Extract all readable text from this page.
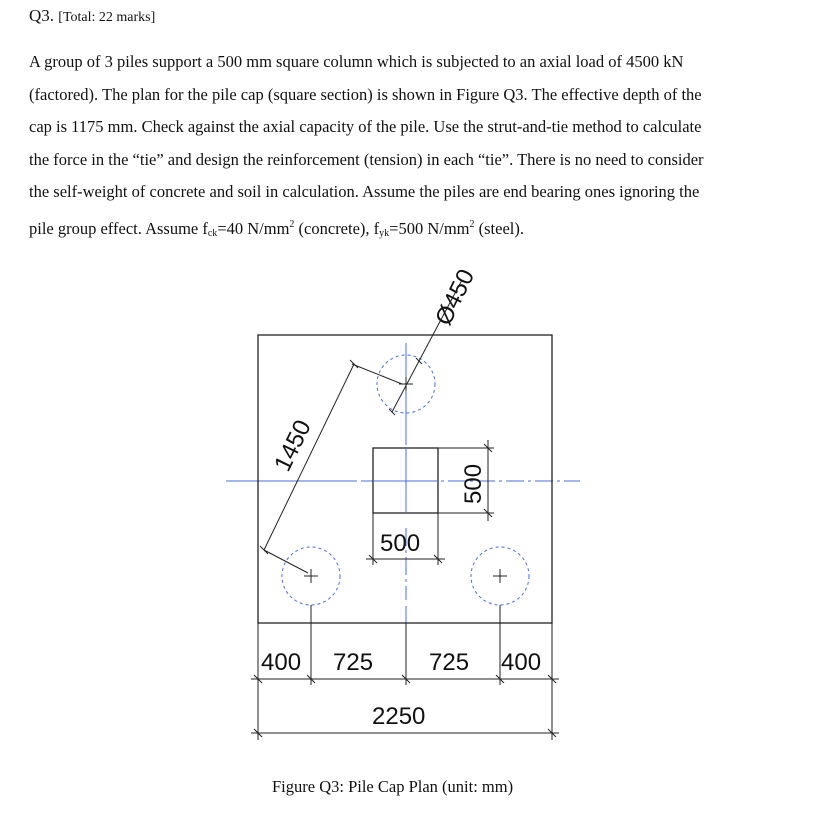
Q3. [Total: 22 marks]

A group of 3 piles support a 500 mm square column which is subjected to an axial load of 4500 kN

(factored). The plan for the pile cap (square section) is shown in Figure Q3. The effective depth of the

cap is 1175 mm. Check against the axial capacity of the pile. Use the strut-and-tie method to calculate

the force in the “tie” and design the reinforcement (tension) in each “tie”. There is no need to consider

the self-weight of concrete and soil in calculation. Assume the piles are end bearing ones ignoring the

pile group effect. Assume $f_{ck}=40$ $N/mm^2$ (concrete), $f_{yk}=500$ $N/mm^2$ (steel).

Ø450
1450
500
500
400 725 725 400
2250
Figure Q3: Pile Cap Plan (unit: mm)
